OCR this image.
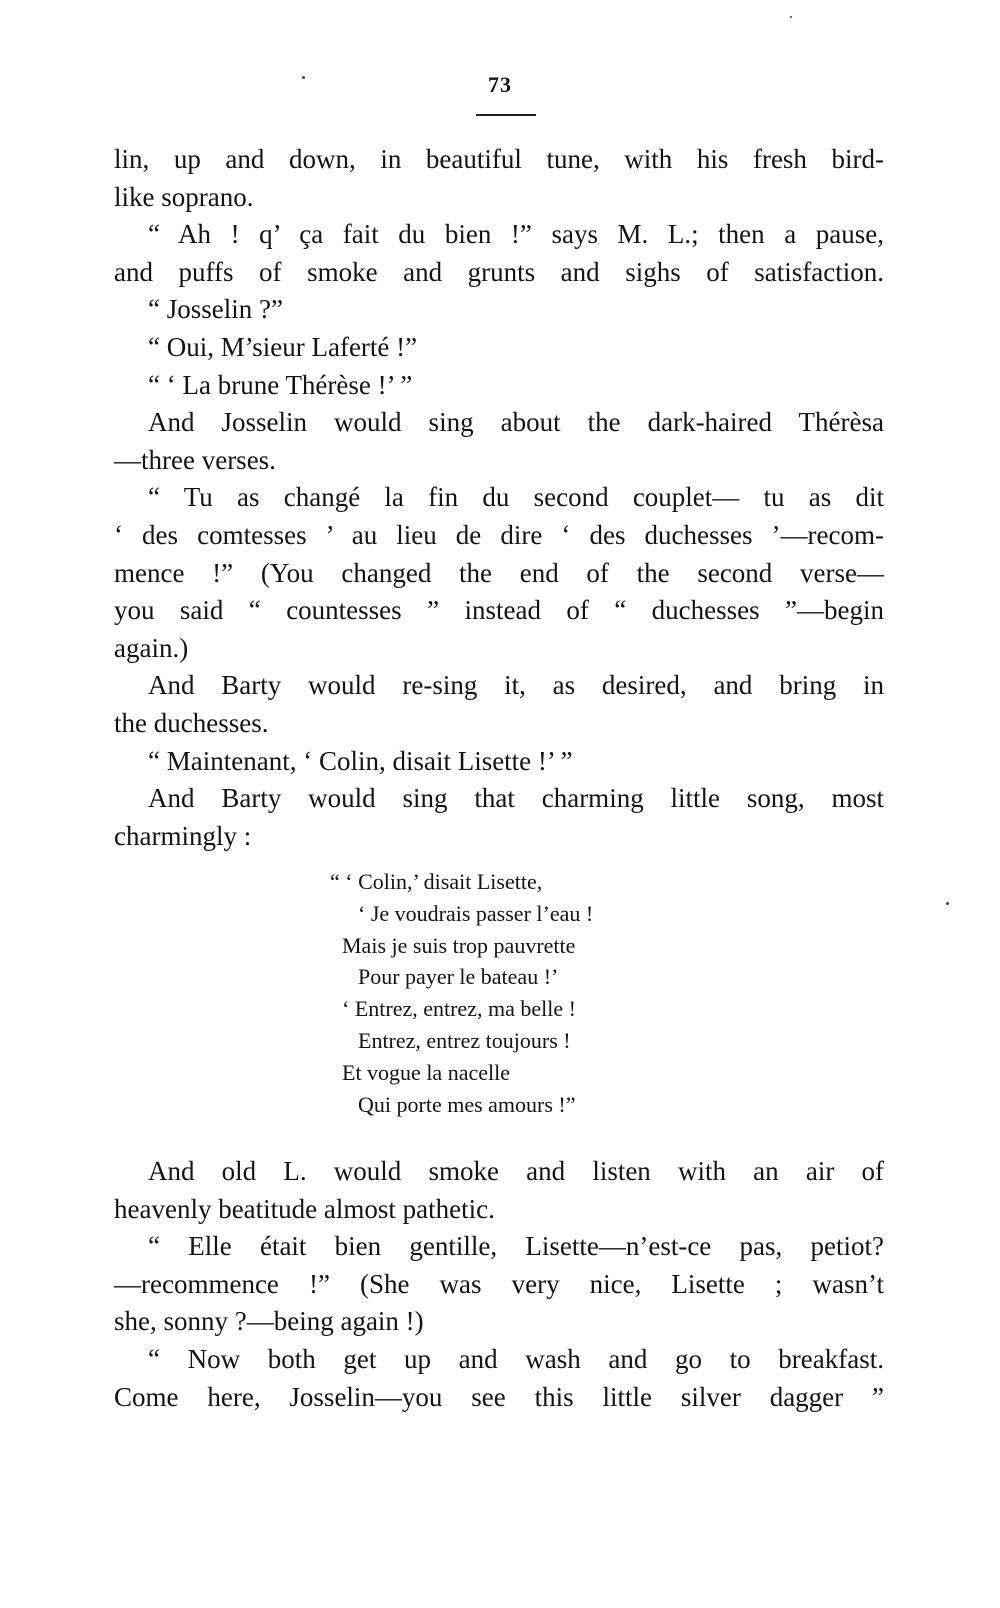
73
lin, up and down, in beautiful tune, with his fresh bird-
like soprano.
“ Ah ! q’ ça fait du bien !” says M. L.; then a pause,
and puffs of smoke and grunts and sighs of satisfaction.
“ Josselin ?”
“ Oui, M’sieur Laferté !”
“ ‘ La brune Thérèse !’ ”
And Josselin would sing about the dark-haired Thérèsa
—three verses.
“ Tu as changé la fin du second couplet— tu as dit
‘ des comtesses ’ au lieu de dire ‘ des duchesses ’—recom-
mence !” (You changed the end of the second verse—
you said “ countesses ” instead of “ duchesses ”—begin
again.)
And Barty would re-sing it, as desired, and bring in
the duchesses.
“ Maintenant, ‘ Colin, disait Lisette !’ ”
And Barty would sing that charming little song, most
charmingly :
“ ‘ Colin,’ disait Lisette,
‘ Je voudrais passer l’eau !
Mais je suis trop pauvrette
Pour payer le bateau !’
‘ Entrez, entrez, ma belle !
Entrez, entrez toujours !
Et vogue la nacelle
Qui porte mes amours !”
And old L. would smoke and listen with an air of
heavenly beatitude almost pathetic.
“ Elle était bien gentille, Lisette—n’est-ce pas, petiot?
—recommence !” (She was very nice, Lisette ; wasn’t
she, sonny ?—being again !)
“ Now both get up and wash and go to breakfast.
Come here, Josselin—you see this little silver dagger ”
